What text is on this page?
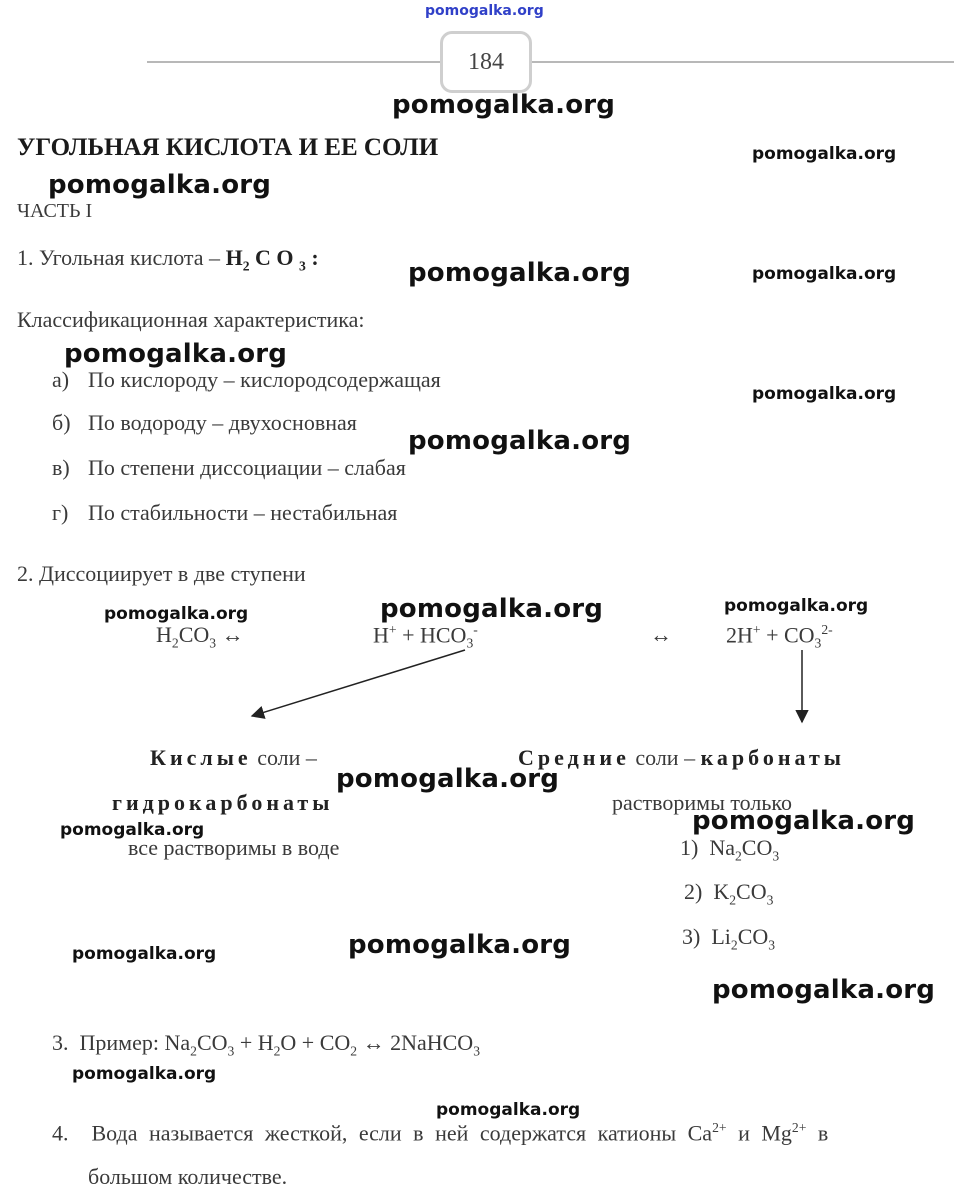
pomogalka.org
184
pomogalka.org
pomogalka.org
pomogalka.org
pomogalka.org	pomogalka.org
pomogalka.org
pomogalka.org
pomogalka.org
pomogalka.org	pomogalka.org	pomogalka.org
pomogalka.org
pomogalka.org
pomogalka.org
pomogalka.org	pomogalka.org
pomogalka.org
pomogalka.org
pomogalka.org
УГОЛЬНАЯ КИСЛОТА И ЕЕ СОЛИ
ЧАСТЬ I
1. Угольная кислота – $H_2$ C O $_3$ :
Классификационная характеристика:
а) По кислороду – кислородсодержащая
б) По водороду – двухосновная
в) По степени диссоциации – слабая
г) По стабильности – нестабильная
2. Диссоциирует в две ступени
$H_2CO_3$ ↔	$H^+ + HCO_3^-$	↔ $2H^+ + CO_3^{2-}$
Кислые соли –
гидрокарбонаты
все растворимы в воде
Средние соли – карбонаты
растворимы только
1) $Na_2CO_3$
2) $K_2CO_3$
3) $Li_2CO_3$
3. Пример: $Na_2CO_3 + H_2O + CO_2$ ↔ 2NaHCO$_3$
4. Вода называется жесткой, если в ней содержатся катионы $Ca^{2+}$ и $Mg^{2+}$ в
большом количестве.
